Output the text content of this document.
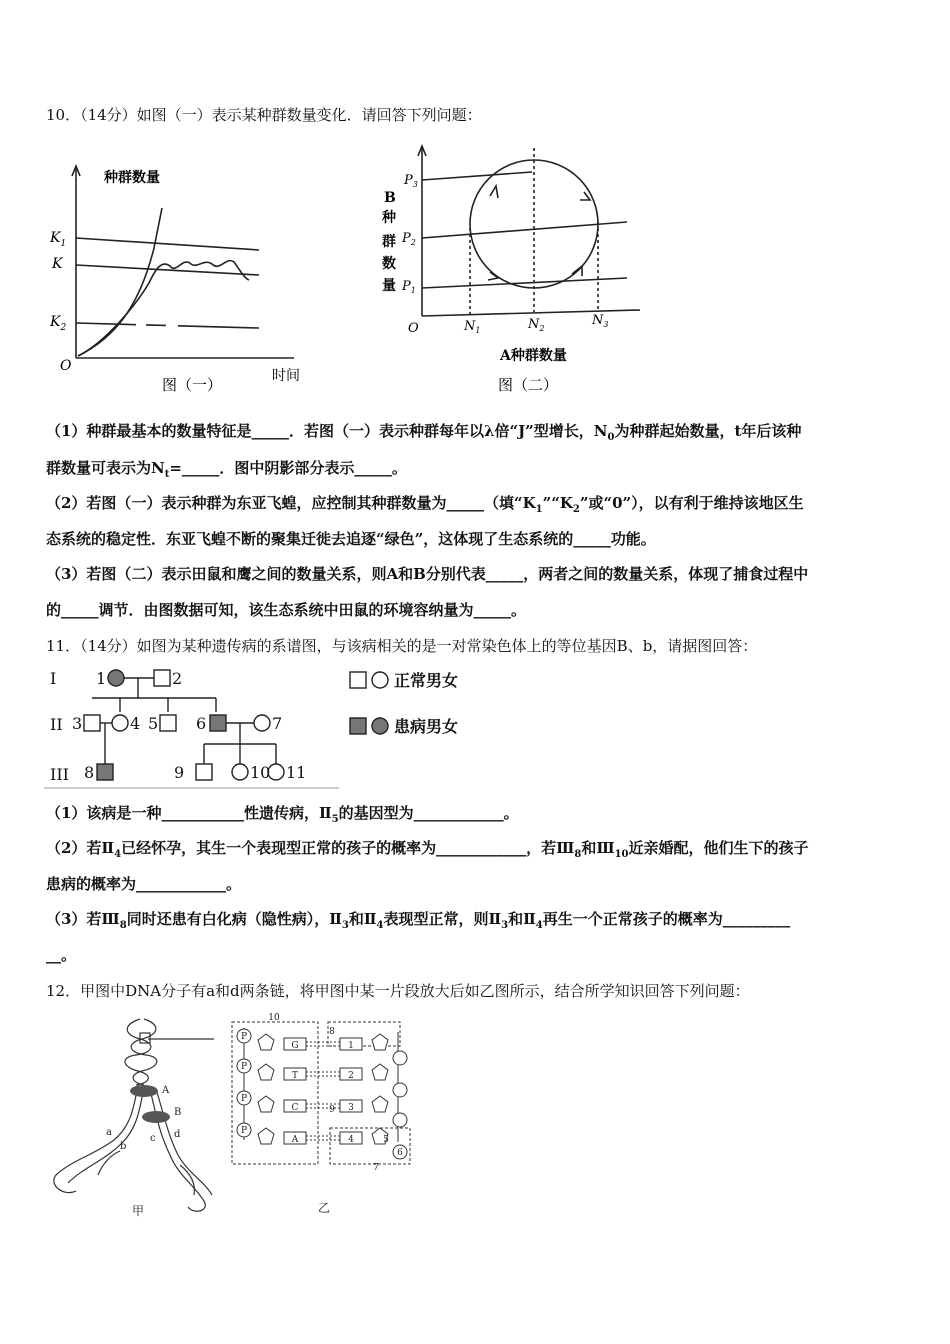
10．（14分）如图（一）表示某种群数量变化．请回答下列问题：
种群数量
$K_1$
K
$K_2$
O
图（一）	时间
B
种
群
数
量
$P_3$
$P_2$
$P_1$
O	$N_1$	$N_2$
$N_3$
A种群数量
图（二）
（1）种群最基本的数量特征是_____．若图（一）表示种群每年以λ倍“J”型增长，$N_0$为种群起始数量，t年后该种
群数量可表示为$N_t=\_\_\_\_\_$．图中阴影部分表示_____。
（2）若图（一）表示种群为东亚飞蝗，应控制其种群数量为_____（填“$K_1”“K_2$”或“0”），以有利于维持该地区生
态系统的稳定性．东亚飞蝗不断的聚集迁徙去追逐“绿色”，这体现了生态系统的_____功能。
（3）若图（二）表示田鼠和鹰之间的数量关系，则A和B分别代表_____，两者之间的数量关系，体现了捕食过程中
的_____调节．由图数据可知，该生态系统中田鼠的环境容纳量为_____。
11．（14分）如图为某种遗传病的系谱图，与该病相关的是一对常染色体上的等位基因B、b，请据图回答：
I
II
III
1	2
3	4 5 6	7
8	9	10 11
正常男女
患病男女
（1）该病是一种___________性遗传病，$Ⅱ_5$的基因型为____________。
（2）若$Ⅱ_4$已经怀孕，其生一个表现型正常的孩子的概率为____________，若$Ⅲ_8$和$Ⅲ_{10}$近亲婚配，他们生下的孩子
患病的概率为____________。
（3）若$Ⅲ_8$同时还患有白化病（隐性病），$Ⅱ_3$和$Ⅱ_4$表现型正常，则$Ⅱ_3$和$Ⅱ_4$再生一个正常孩子的概率为_________
__。
12．甲图中DNA分子有a和d两条链，将甲图中某一片段放大后如乙图所示，结合所学知识回答下列问题：
A
B
a
b
c d
甲
P
P
P
P
G
T
C
A
1
2
3
4	5
6
7
8
9
10
乙
